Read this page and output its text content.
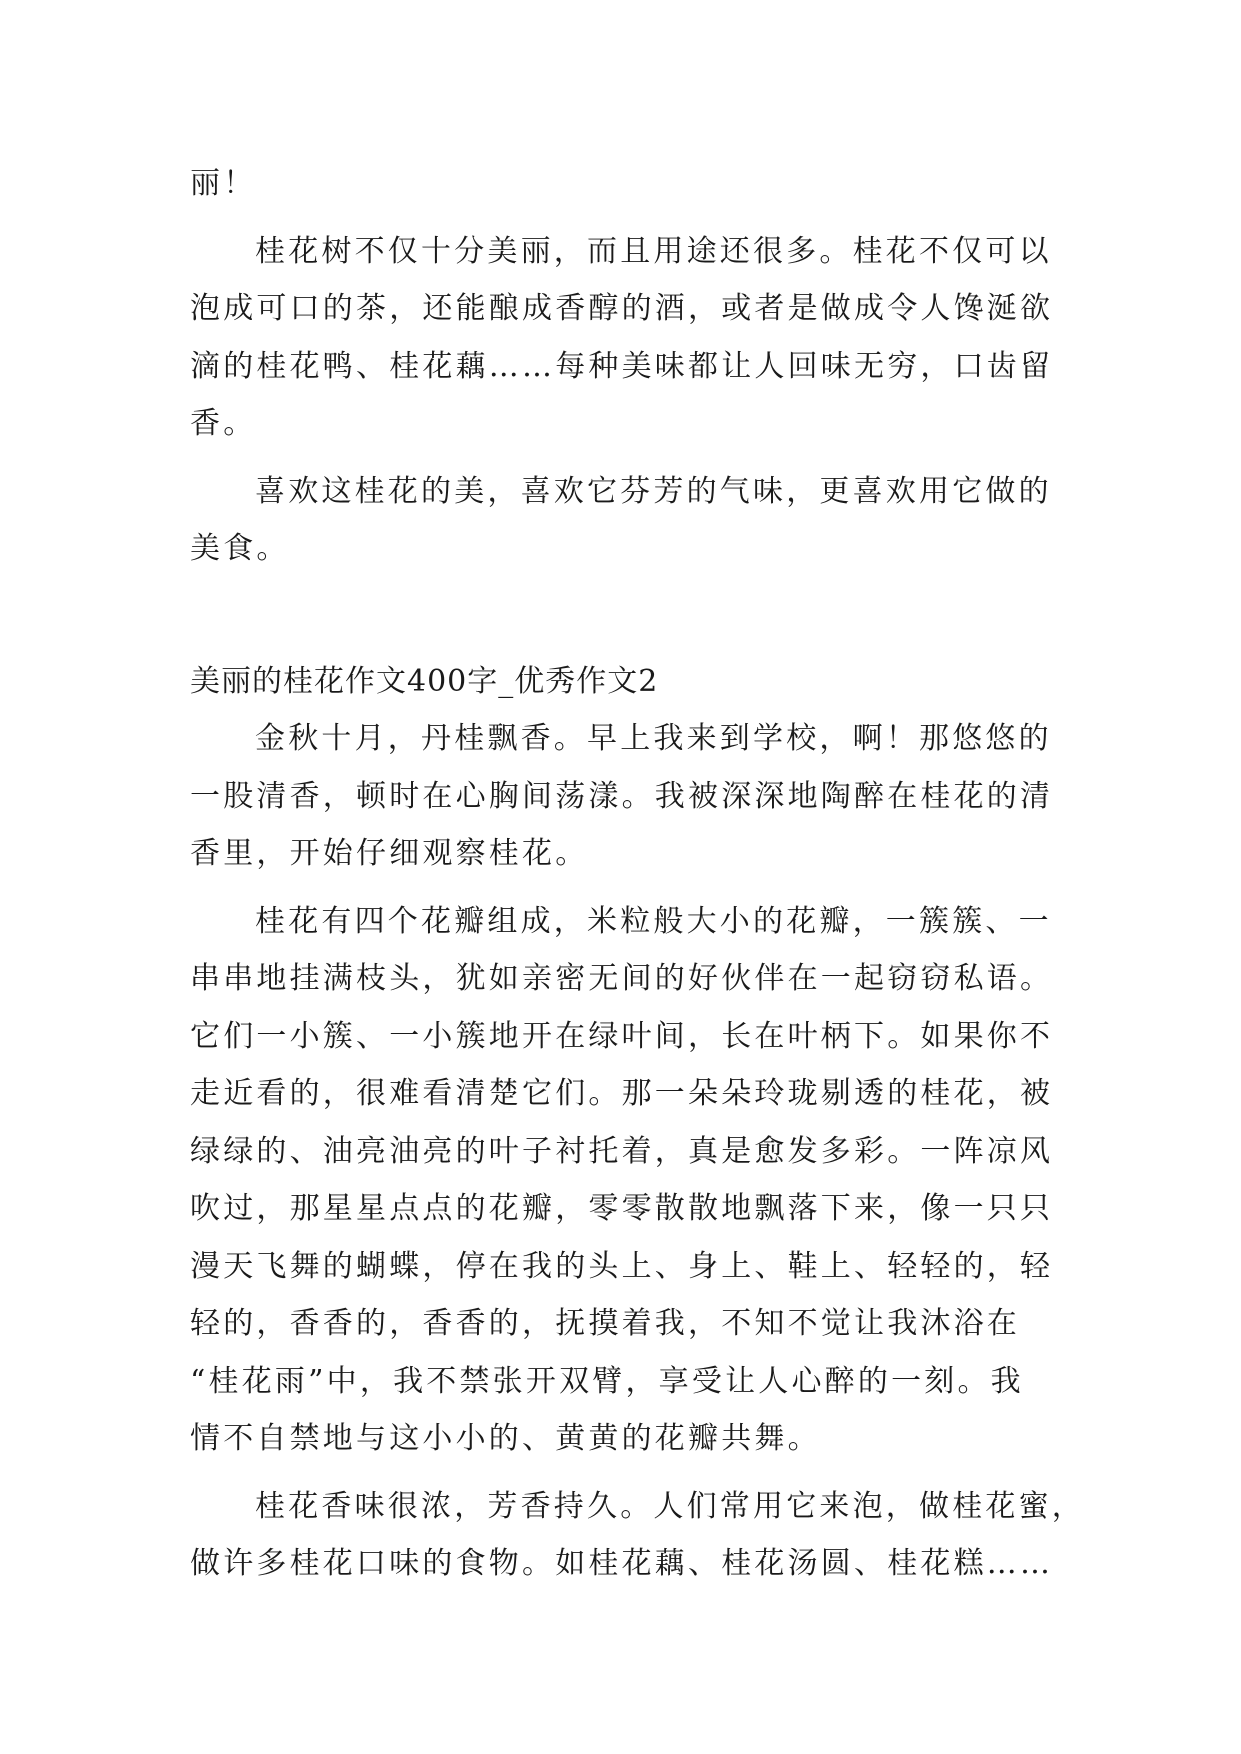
丽！
桂花树不仅十分美丽，而且用途还很多。桂花不仅可以
泡成可口的茶，还能酿成香醇的酒，或者是做成令人馋涎欲
滴的桂花鸭、桂花藕……每种美味都让人回味无穷，口齿留
香。
喜欢这桂花的美，喜欢它芬芳的气味，更喜欢用它做的
美食。
美丽的桂花作文400字_优秀作文2
金秋十月，丹桂飘香。早上我来到学校，啊！那悠悠的
一股清香，顿时在心胸间荡漾。我被深深地陶醉在桂花的清
香里，开始仔细观察桂花。
桂花有四个花瓣组成，米粒般大小的花瓣，一簇簇、一
串串地挂满枝头，犹如亲密无间的好伙伴在一起窃窃私语。
它们一小簇、一小簇地开在绿叶间，长在叶柄下。如果你不
走近看的，很难看清楚它们。那一朵朵玲珑剔透的桂花，被
绿绿的、油亮油亮的叶子衬托着，真是愈发多彩。一阵凉风
吹过，那星星点点的花瓣，零零散散地飘落下来，像一只只
漫天飞舞的蝴蝶，停在我的头上、身上、鞋上、轻轻的，轻
轻的，香香的，香香的，抚摸着我，不知不觉让我沐浴在
“桂花雨”中，我不禁张开双臂，享受让人心醉的一刻。我
情不自禁地与这小小的、黄黄的花瓣共舞。
桂花香味很浓，芳香持久。人们常用它来泡，做桂花蜜，
做许多桂花口味的食物。如桂花藕、桂花汤圆、桂花糕……
